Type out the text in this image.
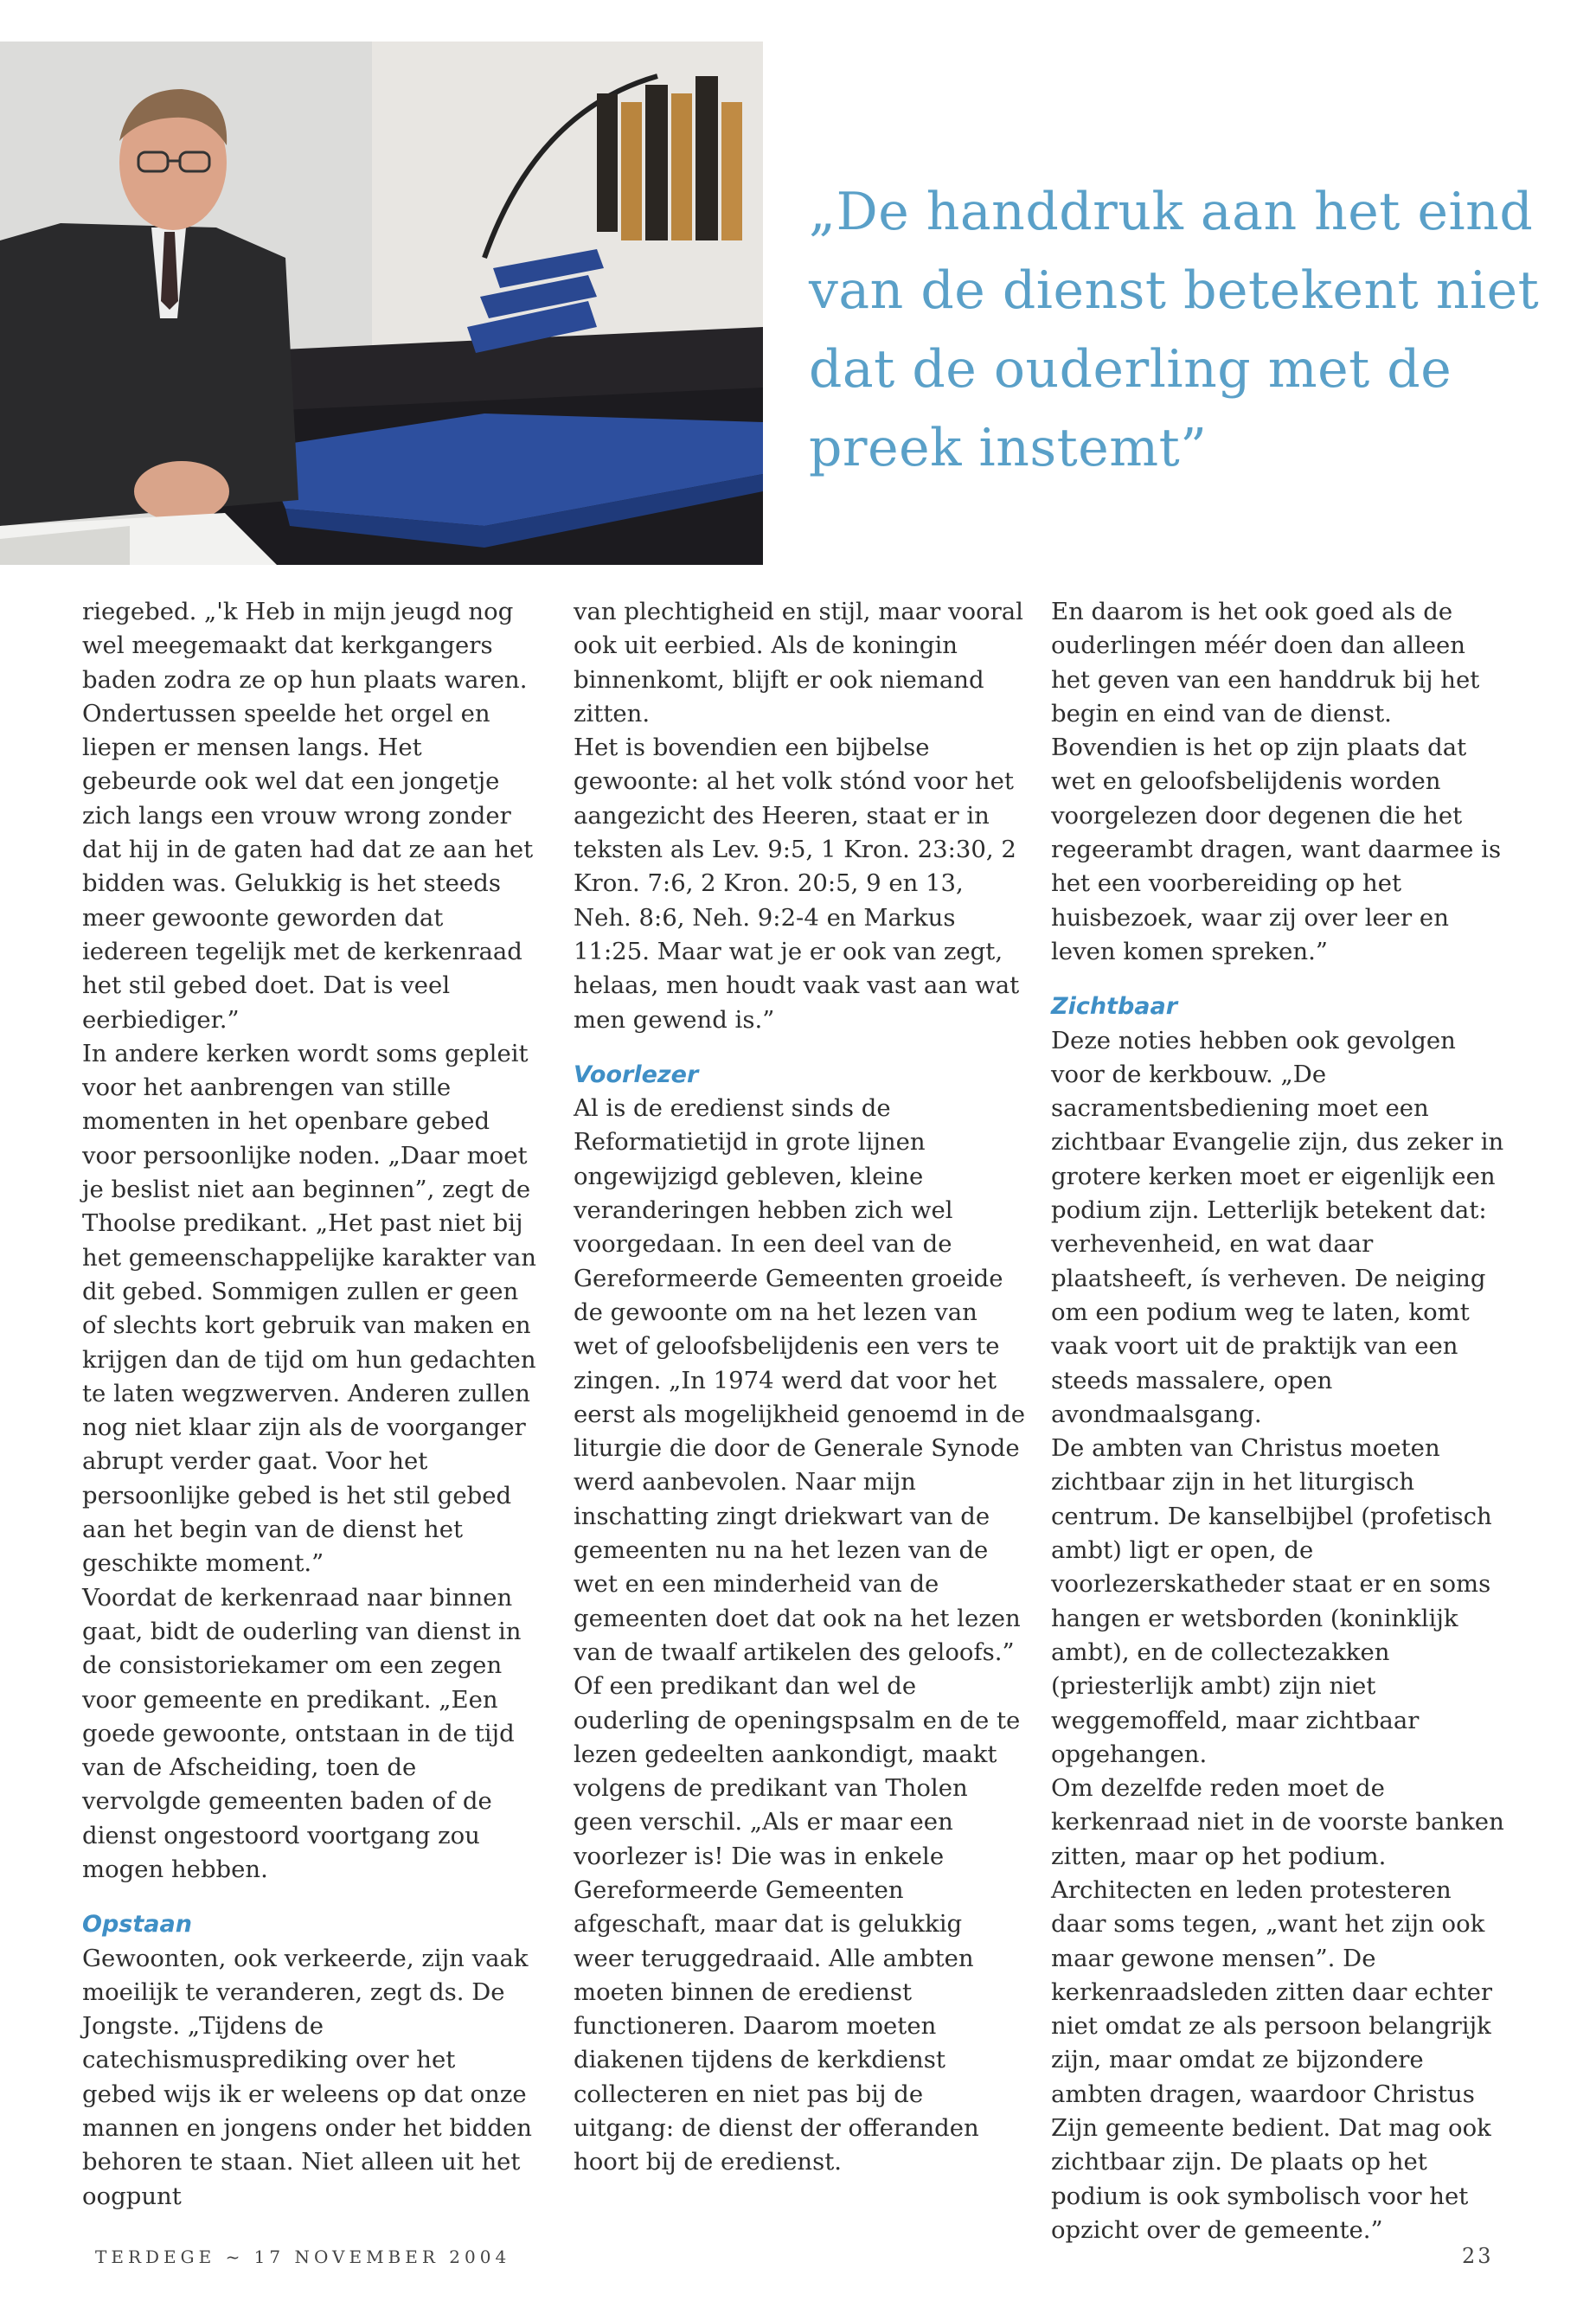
„De handdruk aan het eind van de dienst betekent niet dat de ouderling met de preek instemt”

riegebed. „'k Heb in mijn jeugd nog wel meegemaakt dat kerkgangers baden zodra ze op hun plaats waren. Ondertussen speelde het orgel en liepen er mensen langs. Het gebeurde ook wel dat een jongetje zich langs een vrouw wrong zonder dat hij in de gaten had dat ze aan het bidden was. Gelukkig is het steeds meer gewoonte geworden dat iedereen tegelijk met de kerkenraad het stil gebed doet. Dat is veel eerbiediger.”

In andere kerken wordt soms gepleit voor het aanbrengen van stille momenten in het openbare gebed voor persoonlijke noden. „Daar moet je beslist niet aan beginnen”, zegt de Thoolse predikant. „Het past niet bij het gemeenschappelijke karakter van dit gebed. Sommigen zullen er geen of slechts kort gebruik van maken en krijgen dan de tijd om hun gedachten te laten wegzwerven. Anderen zullen nog niet klaar zijn als de voorganger abrupt verder gaat. Voor het persoonlijke gebed is het stil gebed aan het begin van de dienst het geschikte moment.”

Voordat de kerkenraad naar binnen gaat, bidt de ouderling van dienst in de consistoriekamer om een zegen voor gemeente en predikant. „Een goede gewoonte, ontstaan in de tijd van de Afscheiding, toen de vervolgde gemeenten baden of de dienst ongestoord voortgang zou mogen hebben.

Opstaan

Gewoonten, ook verkeerde, zijn vaak moeilijk te veranderen, zegt ds. De Jongste. „Tijdens de catechismusprediking over het gebed wijs ik er weleens op dat onze mannen en jongens onder het bidden behoren te staan. Niet alleen uit het oogpunt

van plechtigheid en stijl, maar vooral ook uit eerbied. Als de koningin binnenkomt, blijft er ook niemand zitten.

Het is bovendien een bijbelse gewoonte: al het volk stónd voor het aangezicht des Heeren, staat er in teksten als Lev. 9:5, 1 Kron. 23:30, 2 Kron. 7:6, 2 Kron. 20:5, 9 en 13, Neh. 8:6, Neh. 9:2-4 en Markus 11:25. Maar wat je er ook van zegt, helaas, men houdt vaak vast aan wat men gewend is.”

Voorlezer

Al is de eredienst sinds de Reformatietijd in grote lijnen ongewijzigd gebleven, kleine veranderingen hebben zich wel voorgedaan. In een deel van de Gereformeerde Gemeenten groeide de gewoonte om na het lezen van wet of geloofsbelijdenis een vers te zingen. „In 1974 werd dat voor het eerst als mogelijkheid genoemd in de liturgie die door de Generale Synode werd aanbevolen. Naar mijn inschatting zingt driekwart van de gemeenten nu na het lezen van de wet en een minderheid van de gemeenten doet dat ook na het lezen van de twaalf artikelen des geloofs.”

Of een predikant dan wel de ouderling de openingspsalm en de te lezen gedeelten aankondigt, maakt volgens de predikant van Tholen geen verschil. „Als er maar een voorlezer is! Die was in enkele Gereformeerde Gemeenten afgeschaft, maar dat is gelukkig weer teruggedraaid. Alle ambten moeten binnen de eredienst functioneren. Daarom moeten diakenen tijdens de kerkdienst collecteren en niet pas bij de uitgang: de dienst der offeranden hoort bij de eredienst.

En daarom is het ook goed als de ouderlingen méér doen dan alleen het geven van een handdruk bij het begin en eind van de dienst. Bovendien is het op zijn plaats dat wet en geloofsbelijdenis worden voorgelezen door degenen die het regeerambt dragen, want daarmee is het een voorbereiding op het huisbezoek, waar zij over leer en leven komen spreken.”

Zichtbaar

Deze noties hebben ook gevolgen voor de kerkbouw. „De sacramentsbediening moet een zichtbaar Evangelie zijn, dus zeker in grotere kerken moet er eigenlijk een podium zijn. Letterlijk betekent dat: verhevenheid, en wat daar plaatsheeft, ís verheven. De neiging om een podium weg te laten, komt vaak voort uit de praktijk van een steeds massalere, open avondmaalsgang.

De ambten van Christus moeten zichtbaar zijn in het liturgisch centrum. De kanselbijbel (profetisch ambt) ligt er open, de voorlezerskatheder staat er en soms hangen er wetsborden (koninklijk ambt), en de collectezakken (priesterlijk ambt) zijn niet weggemoffeld, maar zichtbaar opgehangen.

Om dezelfde reden moet de kerkenraad niet in de voorste banken zitten, maar op het podium. Architecten en leden protesteren daar soms tegen, „want het zijn ook maar gewone mensen”. De kerkenraadsleden zitten daar echter niet omdat ze als persoon belangrijk zijn, maar omdat ze bijzondere ambten dragen, waardoor Christus Zijn gemeente bedient. Dat mag ook zichtbaar zijn. De plaats op het podium is ook symbolisch voor het opzicht over de gemeente.”

TERDEGE ~ 17 NOVEMBER 2004	23
